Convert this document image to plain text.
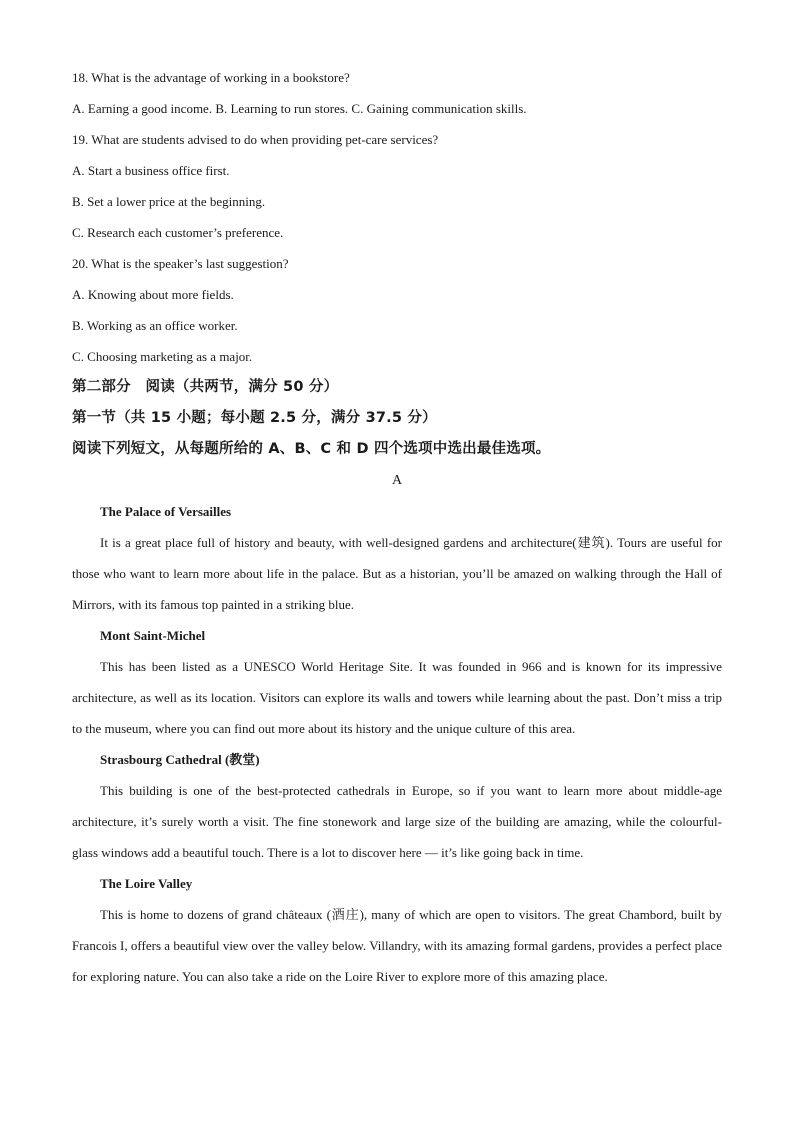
18. What is the advantage of working in a bookstore?
A. Earning a good income. B. Learning to run stores. C. Gaining communication skills.
19. What are students advised to do when providing pet-care services?
A. Start a business office first.
B. Set a lower price at the beginning.
C. Research each customer’s preference.
20. What is the speaker’s last suggestion?
A. Knowing about more fields.
B. Working as an office worker.
C. Choosing marketing as a major.
第二部分　阅读（共两节，满分 50 分）
第一节（共 15 小题；每小题 2.5 分，满分 37.5 分）
阅读下列短文，从每题所给的 A、B、C 和 D 四个选项中选出最佳选项。
A
The Palace of Versailles

It is a great place full of history and beauty, with well-designed gardens and architecture(建筑). Tours are useful for those who want to learn more about life in the palace. But as a historian, you’ll be amazed on walking through the Hall of Mirrors, with its famous top painted in a striking blue.

Mont Saint-Michel

This has been listed as a UNESCO World Heritage Site. It was founded in 966 and is known for its impressive architecture, as well as its location. Visitors can explore its walls and towers while learning about the past. Don’t miss a trip to the museum, where you can find out more about its history and the unique culture of this area.

Strasbourg Cathedral (教堂)

This building is one of the best-protected cathedrals in Europe, so if you want to learn more about middle-age architecture, it’s surely worth a visit. The fine stonework and large size of the building are amazing, while the colourful-glass windows add a beautiful touch. There is a lot to discover here — it’s like going back in time.

The Loire Valley

This is home to dozens of grand châteaux (酒庄), many of which are open to visitors. The great Chambord, built by Francois I, offers a beautiful view over the valley below. Villandry, with its amazing formal gardens, provides a perfect place for exploring nature. You can also take a ride on the Loire River to explore more of this amazing place.
